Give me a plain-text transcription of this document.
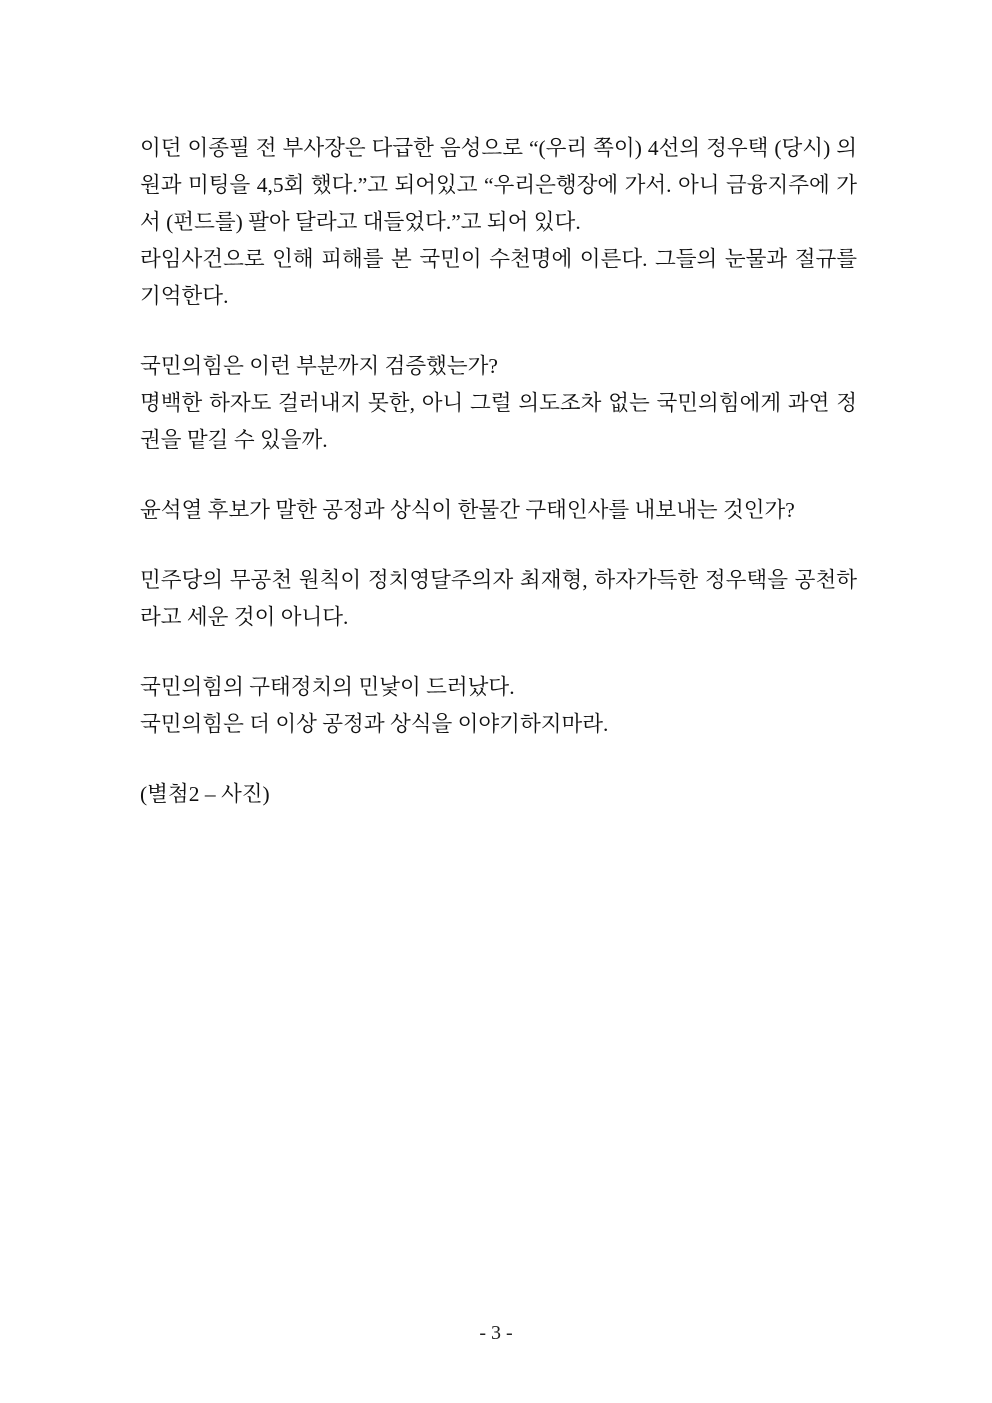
이던 이종필 전 부사장은 다급한 음성으로 “(우리 쪽이) 4선의 정우택 (당시) 의원과 미팅을 4,5회 했다.”고 되어있고 “우리은행장에 가서. 아니 금융지주에 가서 (펀드를) 팔아 달라고 대들었다.”고 되어 있다.

라임사건으로 인해 피해를 본 국민이 수천명에 이른다. 그들의 눈물과 절규를 기억한다.

국민의힘은 이런 부분까지 검증했는가?

명백한 하자도 걸러내지 못한, 아니 그럴 의도조차 없는 국민의힘에게 과연 정권을 맡길 수 있을까.

윤석열 후보가 말한 공정과 상식이 한물간 구태인사를 내보내는 것인가?

민주당의 무공천 원칙이 정치영달주의자 최재형, 하자가득한 정우택을 공천하라고 세운 것이 아니다.

국민의힘의 구태정치의 민낯이 드러났다.

국민의힘은 더 이상 공정과 상식을 이야기하지마라.

(별첨2 – 사진)

- 3 -
